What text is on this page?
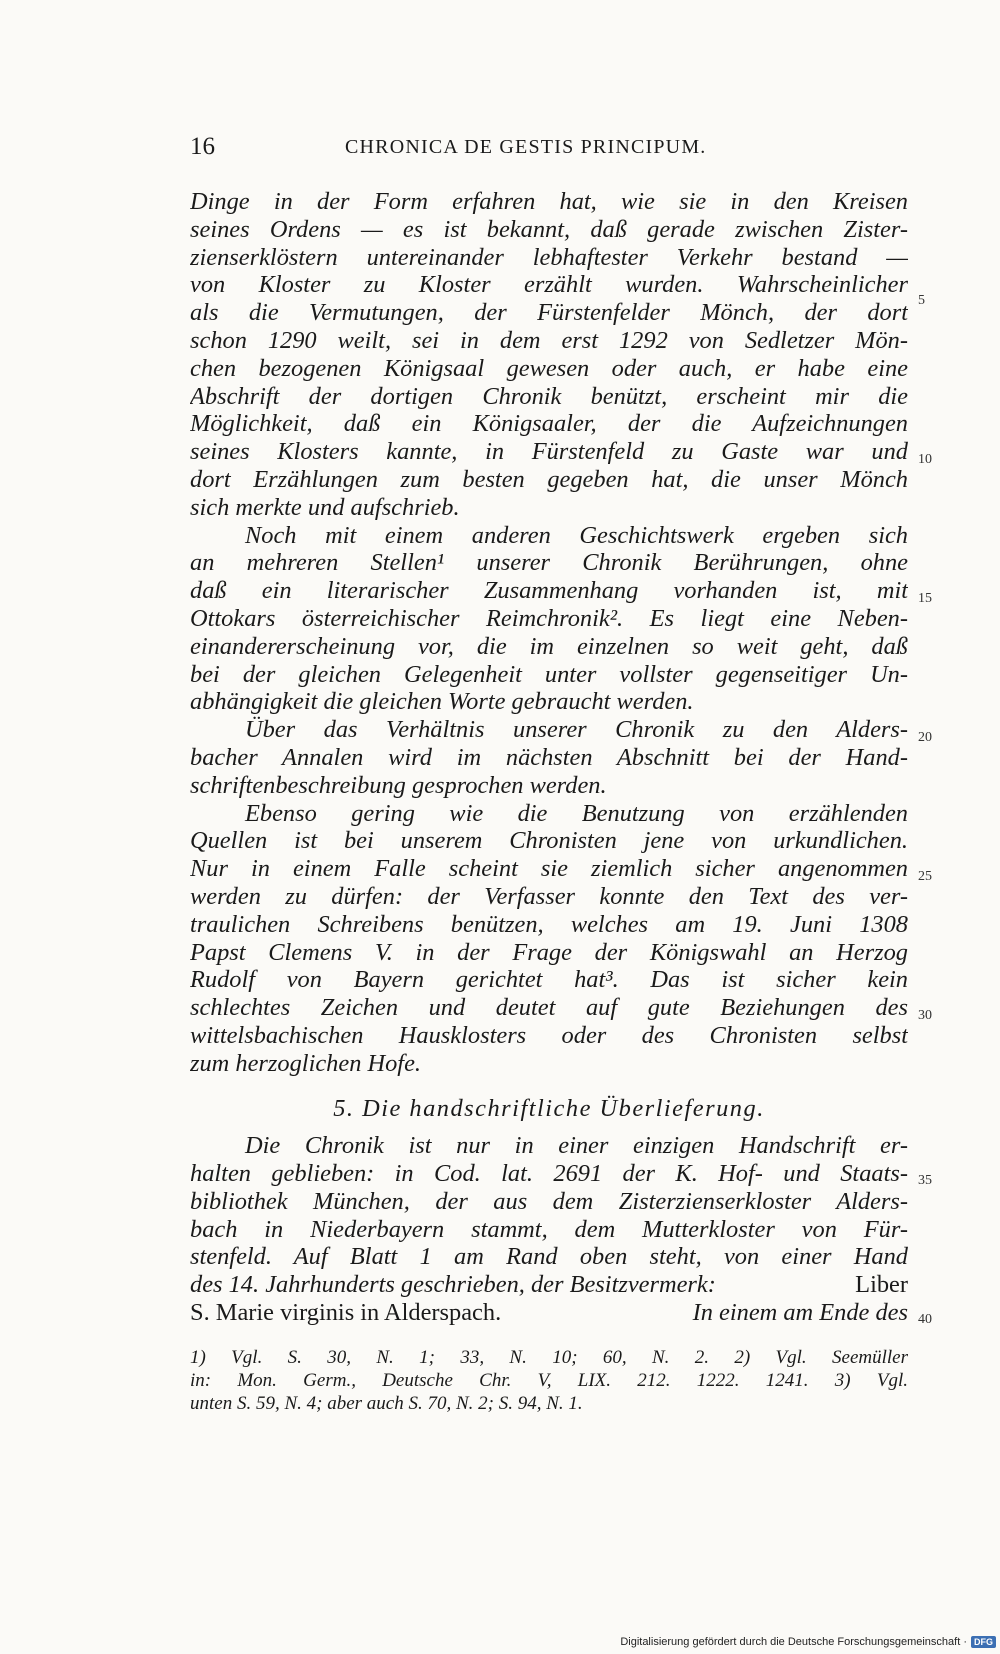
16	CHRONICA DE GESTIS PRINCIPUM.
Dinge in der Form erfahren hat, wie sie in den Kreisen
seines Ordens — es ist bekannt, daß gerade zwischen Zister-
zienserklöstern untereinander lebhaftester Verkehr bestand —
von Kloster zu Kloster erzählt wurden. Wahrscheinlicher
als die Vermutungen, der Fürstenfelder Mönch, der dort
schon 1290 weilt, sei in dem erst 1292 von Sedletzer Mön-
chen bezogenen Königsaal gewesen oder auch, er habe eine
Abschrift der dortigen Chronik benützt, erscheint mir die
Möglichkeit, daß ein Königsaaler, der die Aufzeichnungen
seines Klosters kannte, in Fürstenfeld zu Gaste war und
dort Erzählungen zum besten gegeben hat, die unser Mönch
sich merkte und aufschrieb.
Noch mit einem anderen Geschichtswerk ergeben sich
an mehreren Stellen¹ unserer Chronik Berührungen, ohne
daß ein literarischer Zusammenhang vorhanden ist, mit
Ottokars österreichischer Reimchronik². Es liegt eine Neben-
einandererscheinung vor, die im einzelnen so weit geht, daß
bei der gleichen Gelegenheit unter vollster gegenseitiger Un-
abhängigkeit die gleichen Worte gebraucht werden.
Über das Verhältnis unserer Chronik zu den Alders-
bacher Annalen wird im nächsten Abschnitt bei der Hand-
schriftenbeschreibung gesprochen werden.
Ebenso gering wie die Benutzung von erzählenden
Quellen ist bei unserem Chronisten jene von urkundlichen.
Nur in einem Falle scheint sie ziemlich sicher angenommen
werden zu dürfen: der Verfasser konnte den Text des ver-
traulichen Schreibens benützen, welches am 19. Juni 1308
Papst Clemens V. in der Frage der Königswahl an Herzog
Rudolf von Bayern gerichtet hat³. Das ist sicher kein
schlechtes Zeichen und deutet auf gute Beziehungen des
wittelsbachischen Hausklosters oder des Chronisten selbst
zum herzoglichen Hofe.
5. Die handschriftliche Überlieferung.
Die Chronik ist nur in einer einzigen Handschrift er-
halten geblieben: in Cod. lat. 2691 der K. Hof- und Staats-
bibliothek München, der aus dem Zisterzienserkloster Alders-
bach in Niederbayern stammt, dem Mutterkloster von Für-
stenfeld. Auf Blatt 1 am Rand oben steht, von einer Hand
des 14. Jahrhunderts geschrieben, der Besitzvermerk:	Liber
S. Marie virginis in Alderspach.	In einem am Ende des
5
10
15
20
25
30
35
40
1) Vgl. S. 30, N. 1; 33, N. 10; 60, N. 2. 2) Vgl. Seemüller
in: Mon. Germ., Deutsche Chr. V, LIX. 212. 1222. 1241. 3) Vgl.
unten S. 59, N. 4; aber auch S. 70, N. 2; S. 94, N. 1.
Digitalisierung gefördert durch die Deutsche Forschungsgemeinschaft · DFG
